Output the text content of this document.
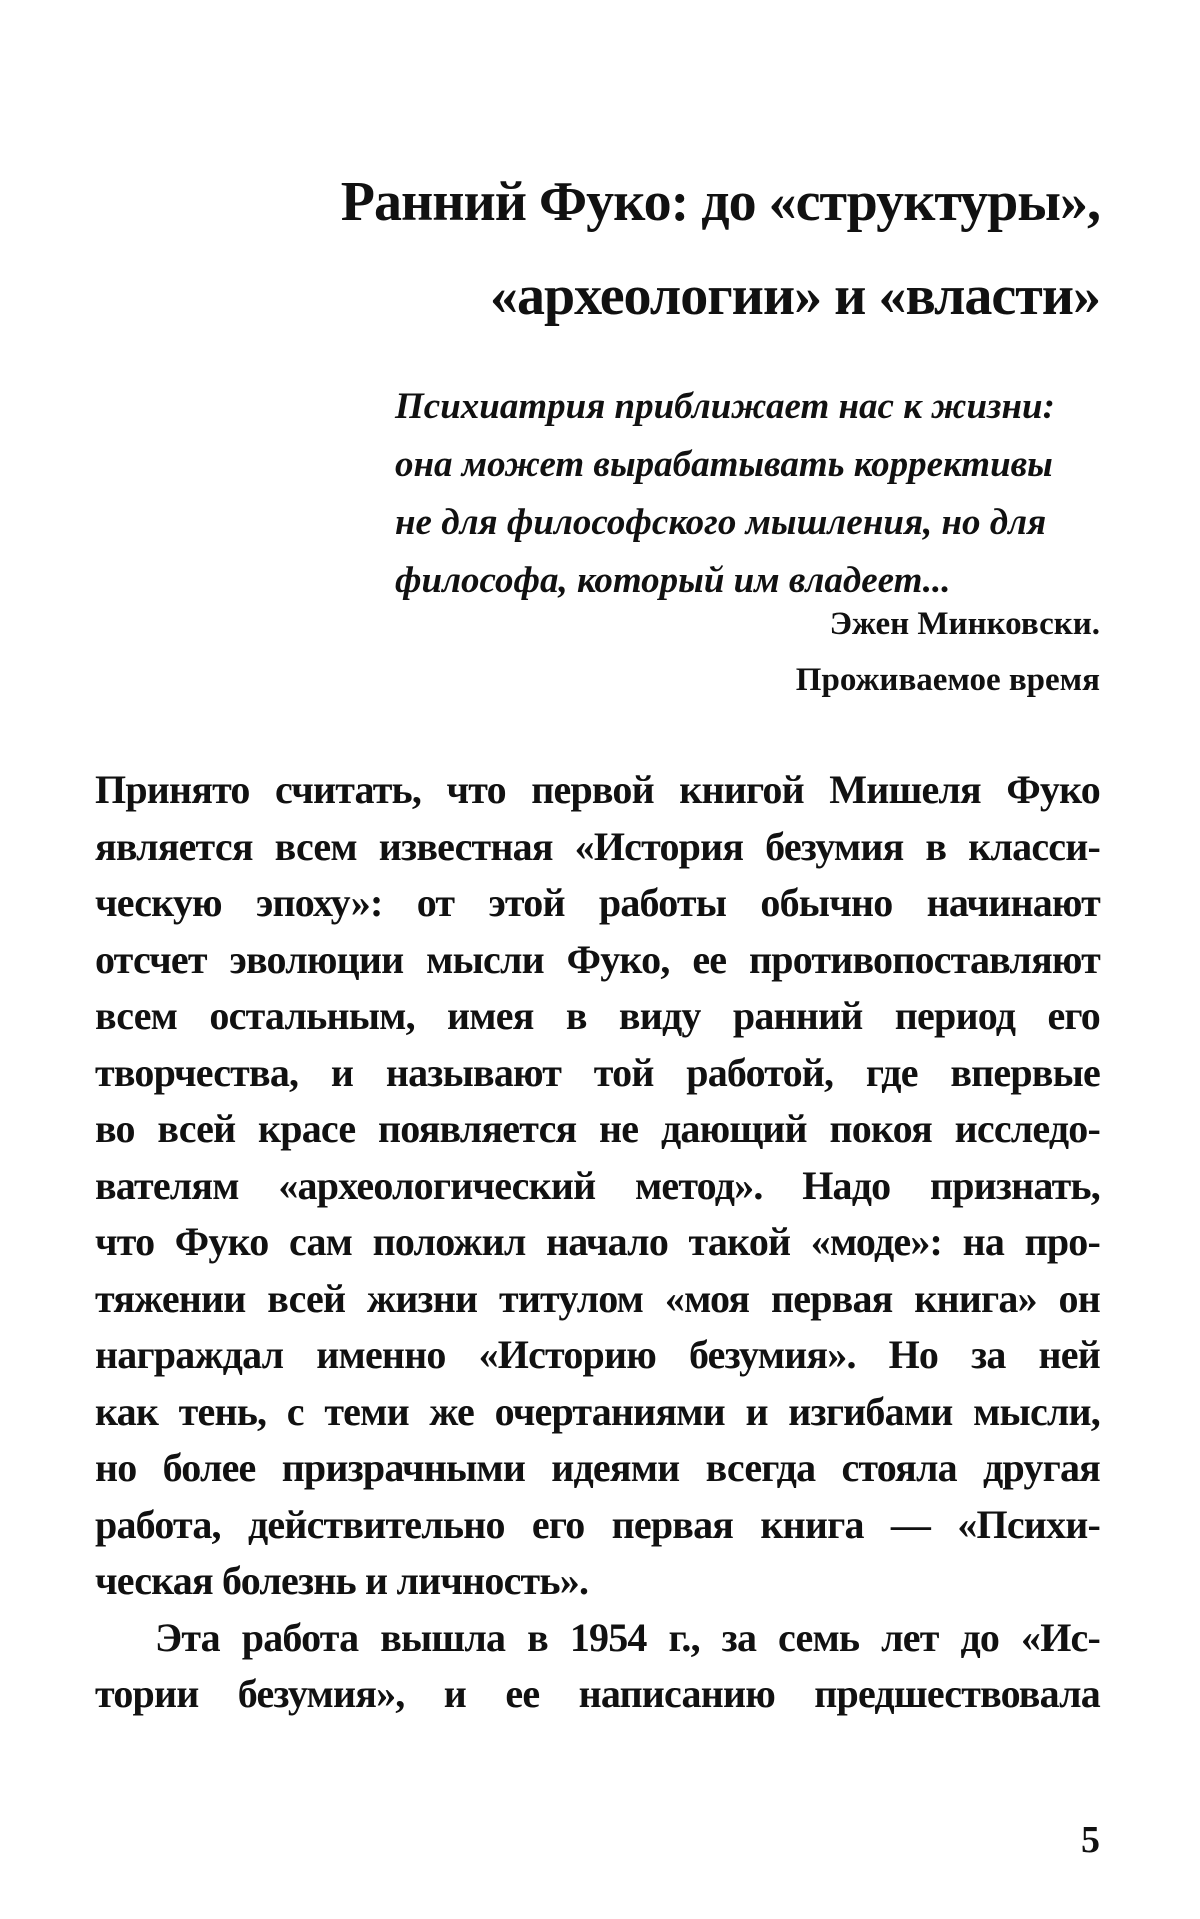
Ранний Фуко: до «структуры»,
«археологии» и «власти»
Психиатрия приближает нас к жизни:
она может вырабатывать коррективы
не для философского мышления, но для
философа, который им владеет...
Эжен Минковски.
Проживаемое время
Принято считать, что первой книгой Мишеля Фуко
является всем известная «История безумия в класси-
ческую эпоху»: от этой работы обычно начинают
отсчет эволюции мысли Фуко, ее противопоставляют
всем остальным, имея в виду ранний период его
творчества, и называют той работой, где впервые
во всей красе появляется не дающий покоя исследо-
вателям «археологический метод». Надо признать,
что Фуко сам положил начало такой «моде»: на про-
тяжении всей жизни титулом «моя первая книга» он
награждал именно «Историю безумия». Но за ней
как тень, с теми же очертаниями и изгибами мысли,
но более призрачными идеями всегда стояла другая
работа, действительно его первая книга — «Психи-
ческая болезнь и личность».
Эта работа вышла в 1954 г., за семь лет до «Ис-
тории безумия», и ее написанию предшествовала
5
